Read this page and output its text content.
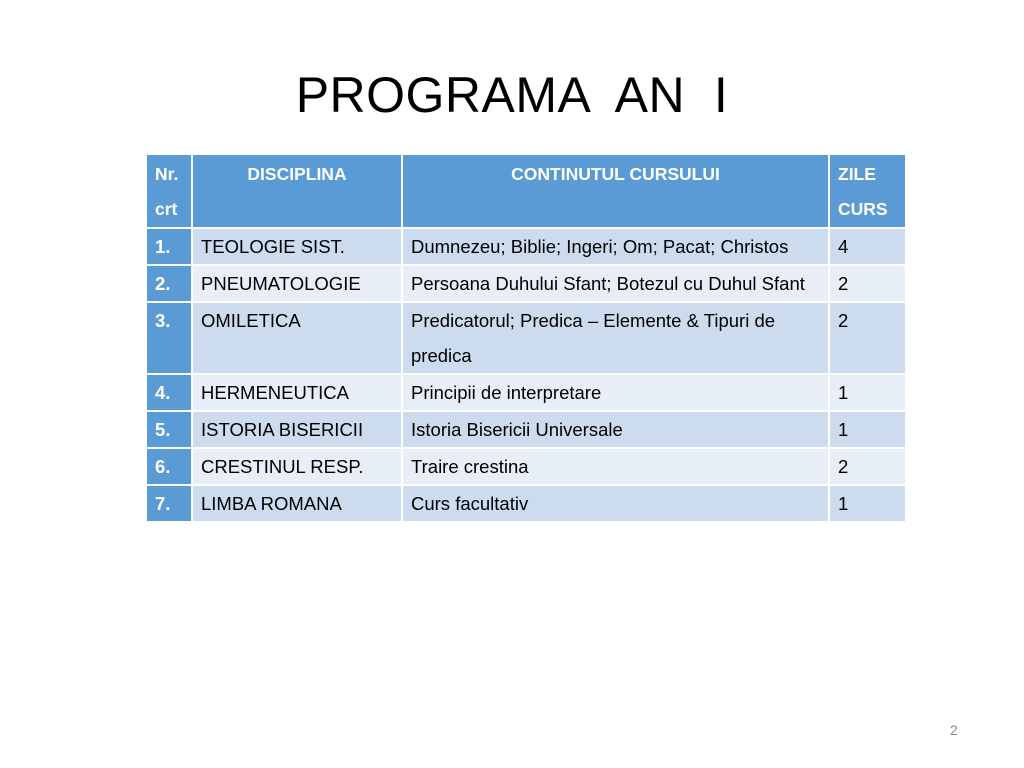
PROGRAMA  AN  I
Nr. crt	DISCIPLINA	CONTINUTUL CURSULUI	ZILE CURS
1.	TEOLOGIE SIST.	Dumnezeu; Biblie; Ingeri; Om; Pacat; Christos	4
2.	PNEUMATOLOGIE	Persoana Duhului Sfant; Botezul cu Duhul Sfant	2
3.	OMILETICA	Predicatorul; Predica – Elemente & Tipuri de predica	2
4.	HERMENEUTICA	Principii de interpretare	1
5.	ISTORIA BISERICII	Istoria Bisericii Universale	1
6.	CRESTINUL RESP.	Traire crestina	2
7.	LIMBA ROMANA	Curs facultativ	1
2
